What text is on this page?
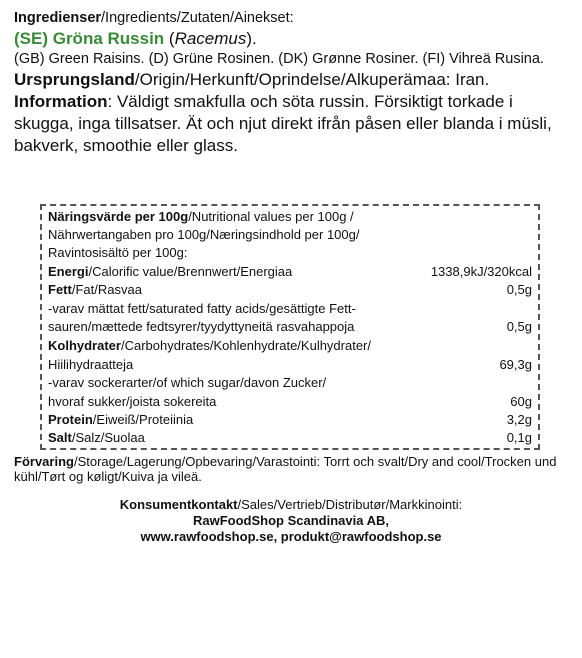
Ingredienser/Ingredients/Zutaten/Ainekset:
(SE) Gröna Russin (Racemus).
(GB) Green Raisins. (D) Grüne Rosinen. (DK) Grønne Rosiner. (FI) Vihreä Rusina.
Ursprungsland/Origin/Herkunft/Oprindelse/Alkuperämaa: Iran.
Information: Väldigt smakfulla och söta russin. Försiktigt torkade i skugga, inga tillsatser. Ät och njut direkt ifrån påsen eller blanda i müsli, bakverk, smoothie eller glass.
Näringsvärde per 100g/Nutritional values per 100g /
Nährwertangaben pro 100g/Næringsindhold per 100g/
Ravintosisältö per 100g:
Energi/Calorific value/Brennwert/Energiaa	1338,9kJ/320kcal
Fett/Fat/Rasvaa	0,5g
-varav mättat fett/saturated fatty acids/gesättigte Fett-
sauren/mættede fedtsyrer/tyydyttyneitä rasvahappoja	0,5g
Kolhydrater/Carbohydrates/Kohlenhydrate/Kulhydrater/
Hiilihydraatteja	69,3g
-varav sockerarter/of which sugar/davon Zucker/
hvoraf sukker/joista sokereita	60g
Protein/Eiweiß/Proteiinia	3,2g
Salt/Salz/Suolaa	0,1g
Förvaring/Storage/Lagerung/Opbevaring/Varastointi: Torrt och svalt/Dry and cool/Trocken und kühl/Tørt og køligt/Kuiva ja vileä.
Konsumentkontakt/Sales/Vertrieb/Distributør/Markkinointi:
RawFoodShop Scandinavia AB,
www.rawfoodshop.se, produkt@rawfoodshop.se
